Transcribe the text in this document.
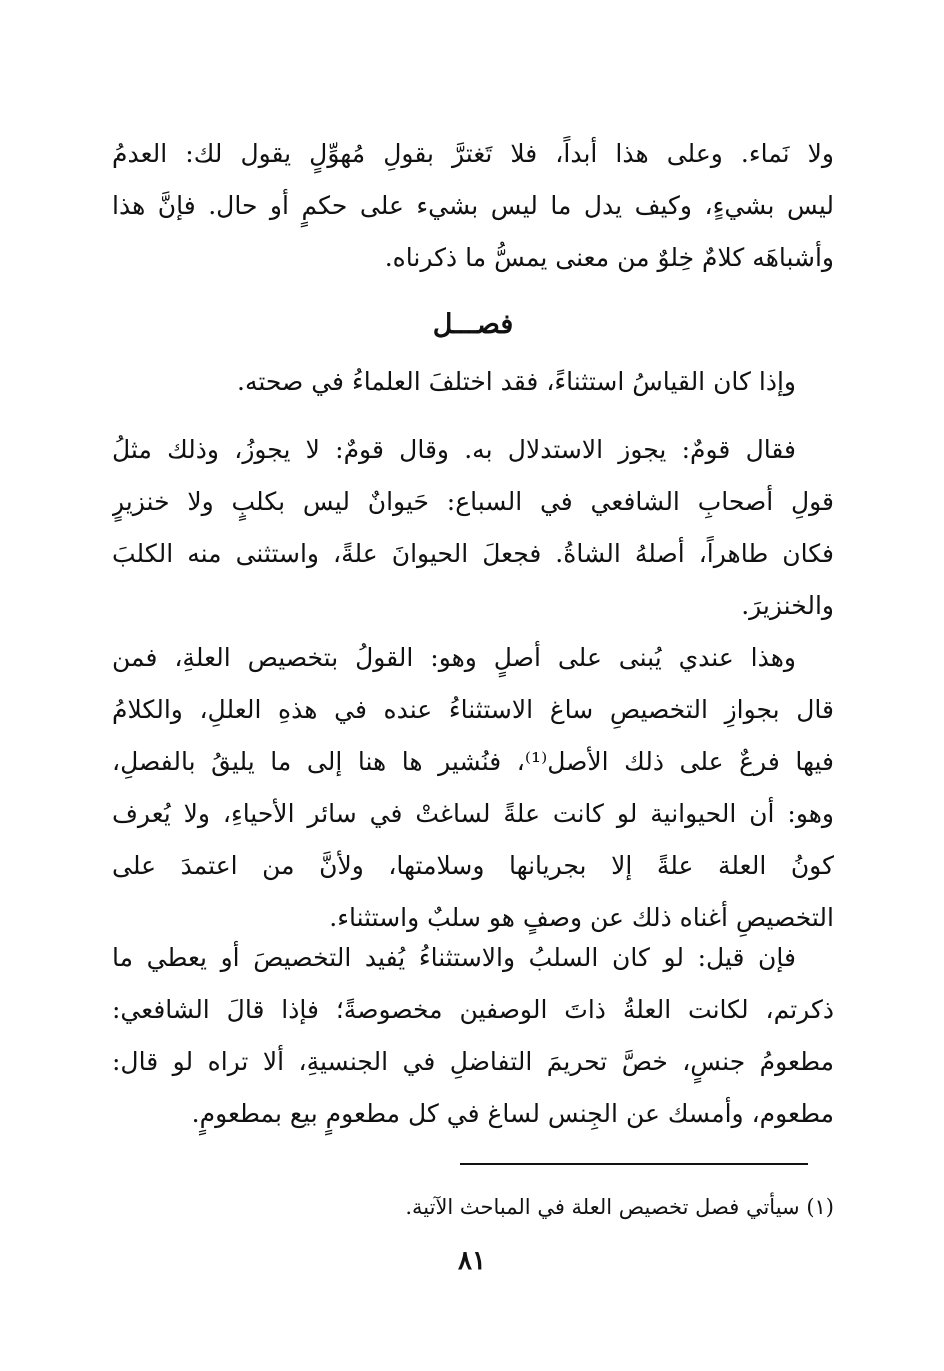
ولا نَماء. وعلى هذا أبداً، فلا تَغترَّ بقولِ مُهوِّلٍ يقول لك: العدمُ
ليس بشيءٍ، وكيف يدل ما ليس بشيء على حكمٍ أو حال. فإنَّ هذا
وأشباهَه كلامٌ خِلوٌ من معنى يمسُّ ما ذكرناه.
فصـــل
وإذا كان القياسُ استثناءً، فقد اختلفَ العلماءُ في صحته.
فقال قومٌ: يجوز الاستدلال به. وقال قومٌ: لا يجوزُ، وذلك مثلُ
قولِ أصحابِ الشافعي في السباع: حَيوانٌ ليس بكلبٍ ولا خنزيرٍ
فكان طاهراً، أصلهُ الشاةُ. فجعلَ الحيوانَ علةً، واستثنى منه الكلبَ
والخنزيرَ.
وهذا عندي يُبنى على أصلٍ وهو: القولُ بتخصيص العلةِ، فمن
قال بجوازِ التخصيصِ ساغ الاستثناءُ عنده في هذهِ العللِ، والكلامُ
فيها فرعٌ على ذلك الأصل⁽¹⁾، فنُشير ها هنا إلى ما يليقُ بالفصلِ،
وهو: أن الحيوانية لو كانت علةً لساغتْ في سائر الأحياءِ، ولا يُعرف
كونُ العلة علةً إلا بجريانها وسلامتها، ولأنَّ من اعتمدَ على
التخصيصِ أغناه ذلك عن وصفٍ هو سلبٌ واستثناء.
فإن قيل: لو كان السلبُ والاستثناءُ يُفيد التخصيصَ أو يعطي ما
ذكرتم، لكانت العلةُ ذاتَ الوصفين مخصوصةً؛ فإذا قالَ الشافعي:
مطعومُ جنسٍ، خصَّ تحريمَ التفاضلِ في الجنسيةِ، ألا تراه لو قال:
مطعوم، وأمسك عن الجِنس لساغ في كل مطعومٍ بيع بمطعومٍ.

(١) سيأتي فصل تخصيص العلة في المباحث الآتية.

٨١
